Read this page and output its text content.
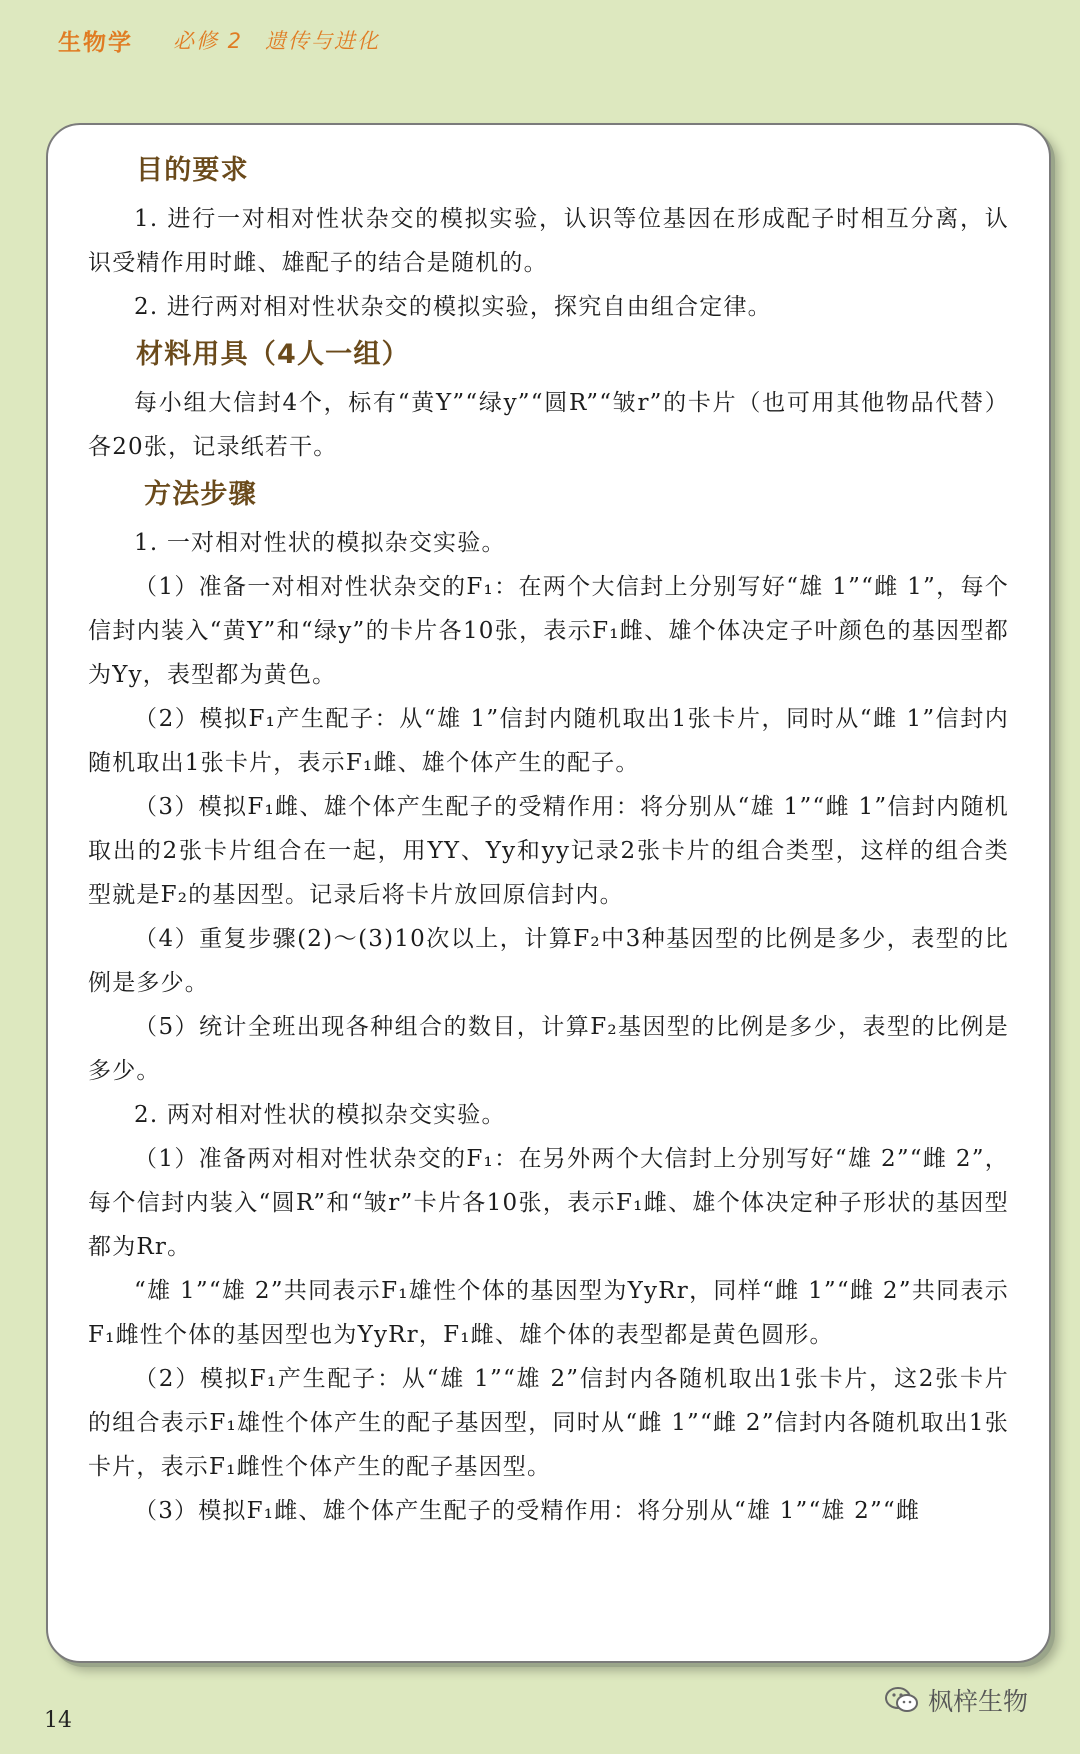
生物学 必修 2 遗传与进化
目的要求

1. 进行一对相对性状杂交的模拟实验，认识等位基因在形成配子时相互分离，认识受精作用时雌、雄配子的结合是随机的。

2. 进行两对相对性状杂交的模拟实验，探究自由组合定律。

材料用具（4人一组）

每小组大信封4个，标有“黄Y”“绿y”“圆R”“皱r”的卡片（也可用其他物品代替）各20张，记录纸若干。

方法步骤

1. 一对相对性状的模拟杂交实验。

（1）准备一对相对性状杂交的F₁：在两个大信封上分别写好“雄 1”“雌 1”，每个信封内装入“黄Y”和“绿y”的卡片各10张，表示F₁雌、雄个体决定子叶颜色的基因型都为Yy，表型都为黄色。

（2）模拟F₁产生配子：从“雄 1”信封内随机取出1张卡片，同时从“雌 1”信封内随机取出1张卡片，表示F₁雌、雄个体产生的配子。

（3）模拟F₁雌、雄个体产生配子的受精作用：将分别从“雄 1”“雌 1”信封内随机取出的2张卡片组合在一起，用YY、Yy和yy记录2张卡片的组合类型，这样的组合类型就是F₂的基因型。记录后将卡片放回原信封内。

（4）重复步骤(2)～(3)10次以上，计算F₂中3种基因型的比例是多少，表型的比例是多少。

（5）统计全班出现各种组合的数目，计算F₂基因型的比例是多少，表型的比例是多少。

2. 两对相对性状的模拟杂交实验。

（1）准备两对相对性状杂交的F₁：在另外两个大信封上分别写好“雄 2”“雌 2”，每个信封内装入“圆R”和“皱r”卡片各10张，表示F₁雌、雄个体决定种子形状的基因型都为Rr。

“雄 1”“雄 2”共同表示F₁雄性个体的基因型为YyRr，同样“雌 1”“雌 2”共同表示F₁雌性个体的基因型也为YyRr，F₁雌、雄个体的表型都是黄色圆形。

（2）模拟F₁产生配子：从“雄 1”“雄 2”信封内各随机取出1张卡片，这2张卡片的组合表示F₁雄性个体产生的配子基因型，同时从“雌 1”“雌 2”信封内各随机取出1张卡片，表示F₁雌性个体产生的配子基因型。

（3）模拟F₁雌、雄个体产生配子的受精作用：将分别从“雄 1”“雄 2”“雌

14
枫梓生物
